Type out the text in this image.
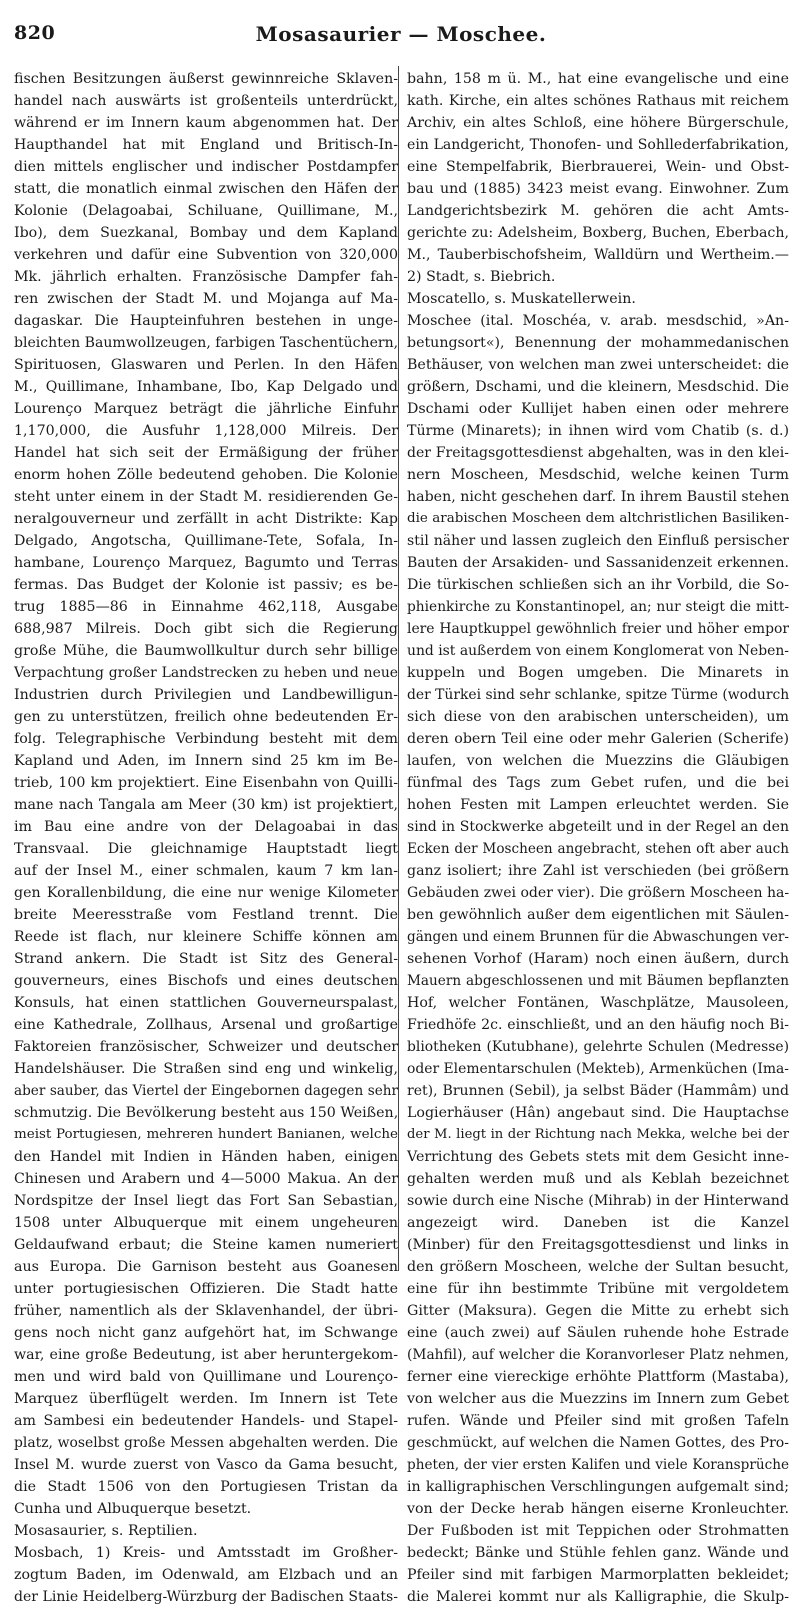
820	Mosasaurier — Moschee.
fischen Besitzungen äußerst gewinnreiche Sklaven-
handel nach auswärts ist großenteils unterdrückt,
während er im Innern kaum abgenommen hat. Der
Haupthandel hat mit England und Britisch-In-
dien mittels englischer und indischer Postdampfer
statt, die monatlich einmal zwischen den Häfen der
Kolonie (Delagoabai, Schiluane, Quillimane, M.,
Ibo), dem Suezkanal, Bombay und dem Kapland
verkehren und dafür eine Subvention von 320,000
Mk. jährlich erhalten. Französische Dampfer fah-
ren zwischen der Stadt M. und Mojanga auf Ma-
dagaskar. Die Haupteinfuhren bestehen in unge-
bleichten Baumwollzeugen, farbigen Taschentüchern,
Spirituosen, Glaswaren und Perlen. In den Häfen
M., Quillimane, Inhambane, Ibo, Kap Delgado und
Lourenço Marquez beträgt die jährliche Einfuhr
1,170,000, die Ausfuhr 1,128,000 Milreis. Der
Handel hat sich seit der Ermäßigung der früher
enorm hohen Zölle bedeutend gehoben. Die Kolonie
steht unter einem in der Stadt M. residierenden Ge-
neralgouverneur und zerfällt in acht Distrikte: Kap
Delgado, Angotscha, Quillimane-Tete, Sofala, In-
hambane, Lourenço Marquez, Bagumto und Terras
fermas. Das Budget der Kolonie ist passiv; es be-
trug 1885—86 in Einnahme 462,118, Ausgabe
688,987 Milreis. Doch gibt sich die Regierung
große Mühe, die Baumwollkultur durch sehr billige
Verpachtung großer Landstrecken zu heben und neue
Industrien durch Privilegien und Landbewilligun-
gen zu unterstützen, freilich ohne bedeutenden Er-
folg. Telegraphische Verbindung besteht mit dem
Kapland und Aden, im Innern sind 25 km im Be-
trieb, 100 km projektiert. Eine Eisenbahn von Quilli-
mane nach Tangala am Meer (30 km) ist projektiert,
im Bau eine andre von der Delagoabai in das
Transvaal. Die gleichnamige Hauptstadt liegt
auf der Insel M., einer schmalen, kaum 7 km lan-
gen Korallenbildung, die eine nur wenige Kilometer
breite Meeresstraße vom Festland trennt. Die
Reede ist flach, nur kleinere Schiffe können am
Strand ankern. Die Stadt ist Sitz des General-
gouverneurs, eines Bischofs und eines deutschen
Konsuls, hat einen stattlichen Gouverneurspalast,
eine Kathedrale, Zollhaus, Arsenal und großartige
Faktoreien französischer, Schweizer und deutscher
Handelshäuser. Die Straßen sind eng und winkelig,
aber sauber, das Viertel der Eingebornen dagegen sehr
schmutzig. Die Bevölkerung besteht aus 150 Weißen,
meist Portugiesen, mehreren hundert Banianen, welche
den Handel mit Indien in Händen haben, einigen
Chinesen und Arabern und 4—5000 Makua. An der
Nordspitze der Insel liegt das Fort San Sebastian,
1508 unter Albuquerque mit einem ungeheuren
Geldaufwand erbaut; die Steine kamen numeriert
aus Europa. Die Garnison besteht aus Goanesen
unter portugiesischen Offizieren. Die Stadt hatte
früher, namentlich als der Sklavenhandel, der übri-
gens noch nicht ganz aufgehört hat, im Schwange
war, eine große Bedeutung, ist aber heruntergekom-
men und wird bald von Quillimane und Lourenço-
Marquez überflügelt werden. Im Innern ist Tete
am Sambesi ein bedeutender Handels- und Stapel-
platz, woselbst große Messen abgehalten werden. Die
Insel M. wurde zuerst von Vasco da Gama besucht,
die Stadt 1506 von den Portugiesen Tristan da
Cunha und Albuquerque besetzt.
Mosasaurier, s. Reptilien.
Mosbach, 1) Kreis- und Amtsstadt im Großher-
zogtum Baden, im Odenwald, am Elzbach und an
der Linie Heidelberg-Würzburg der Badischen Staats-
bahn, 158 m ü. M., hat eine evangelische und eine
kath. Kirche, ein altes schönes Rathaus mit reichem
Archiv, ein altes Schloß, eine höhere Bürgerschule,
ein Landgericht, Thonofen- und Sohllederfabrikation,
eine Stempelfabrik, Bierbrauerei, Wein- und Obst-
bau und (1885) 3423 meist evang. Einwohner. Zum
Landgerichtsbezirk M. gehören die acht Amts-
gerichte zu: Adelsheim, Boxberg, Buchen, Eberbach,
M., Tauberbischofsheim, Walldürn und Wertheim.—
2) Stadt, s. Biebrich.
Moscatello, s. Muskatellerwein.
Moschee (ital. Moschéa, v. arab. mesdschid, »An-
betungsort«), Benennung der mohammedanischen
Bethäuser, von welchen man zwei unterscheidet: die
größern, Dschami, und die kleinern, Mesdschid. Die
Dschami oder Kullijet haben einen oder mehrere
Türme (Minarets); in ihnen wird vom Chatib (s. d.)
der Freitagsgottesdienst abgehalten, was in den klei-
nern Moscheen, Mesdschid, welche keinen Turm
haben, nicht geschehen darf. In ihrem Baustil stehen
die arabischen Moscheen dem altchristlichen Basiliken-
stil näher und lassen zugleich den Einfluß persischer
Bauten der Arsakiden- und Sassanidenzeit erkennen.
Die türkischen schließen sich an ihr Vorbild, die So-
phienkirche zu Konstantinopel, an; nur steigt die mitt-
lere Hauptkuppel gewöhnlich freier und höher empor
und ist außerdem von einem Konglomerat von Neben-
kuppeln und Bogen umgeben. Die Minarets in
der Türkei sind sehr schlanke, spitze Türme (wodurch
sich diese von den arabischen unterscheiden), um
deren obern Teil eine oder mehr Galerien (Scherife)
laufen, von welchen die Muezzins die Gläubigen
fünfmal des Tags zum Gebet rufen, und die bei
hohen Festen mit Lampen erleuchtet werden. Sie
sind in Stockwerke abgeteilt und in der Regel an den
Ecken der Moscheen angebracht, stehen oft aber auch
ganz isoliert; ihre Zahl ist verschieden (bei größern
Gebäuden zwei oder vier). Die größern Moscheen ha-
ben gewöhnlich außer dem eigentlichen mit Säulen-
gängen und einem Brunnen für die Abwaschungen ver-
sehenen Vorhof (Haram) noch einen äußern, durch
Mauern abgeschlossenen und mit Bäumen bepflanzten
Hof, welcher Fontänen, Waschplätze, Mausoleen,
Friedhöfe 2c. einschließt, und an den häufig noch Bi-
bliotheken (Kutubhane), gelehrte Schulen (Medresse)
oder Elementarschulen (Mekteb), Armenküchen (Ima-
ret), Brunnen (Sebil), ja selbst Bäder (Hammâm) und
Logierhäuser (Hân) angebaut sind. Die Hauptachse
der M. liegt in der Richtung nach Mekka, welche bei der
Verrichtung des Gebets stets mit dem Gesicht inne-
gehalten werden muß und als Keblah bezeichnet
sowie durch eine Nische (Mihrab) in der Hinterwand
angezeigt wird. Daneben ist die Kanzel
(Minber) für den Freitagsgottesdienst und links in
den größern Moscheen, welche der Sultan besucht,
eine für ihn bestimmte Tribüne mit vergoldetem
Gitter (Maksura). Gegen die Mitte zu erhebt sich
eine (auch zwei) auf Säulen ruhende hohe Estrade
(Mahfil), auf welcher die Koranvorleser Platz nehmen,
ferner eine viereckige erhöhte Plattform (Mastaba),
von welcher aus die Muezzins im Innern zum Gebet
rufen. Wände und Pfeiler sind mit großen Tafeln
geschmückt, auf welchen die Namen Gottes, des Pro-
pheten, der vier ersten Kalifen und viele Koransprüche
in kalligraphischen Verschlingungen aufgemalt sind;
von der Decke herab hängen eiserne Kronleuchter.
Der Fußboden ist mit Teppichen oder Strohmatten
bedeckt; Bänke und Stühle fehlen ganz. Wände und
Pfeiler sind mit farbigen Marmorplatten bekleidet;
die Malerei kommt nur als Kalligraphie, die Skulp-
